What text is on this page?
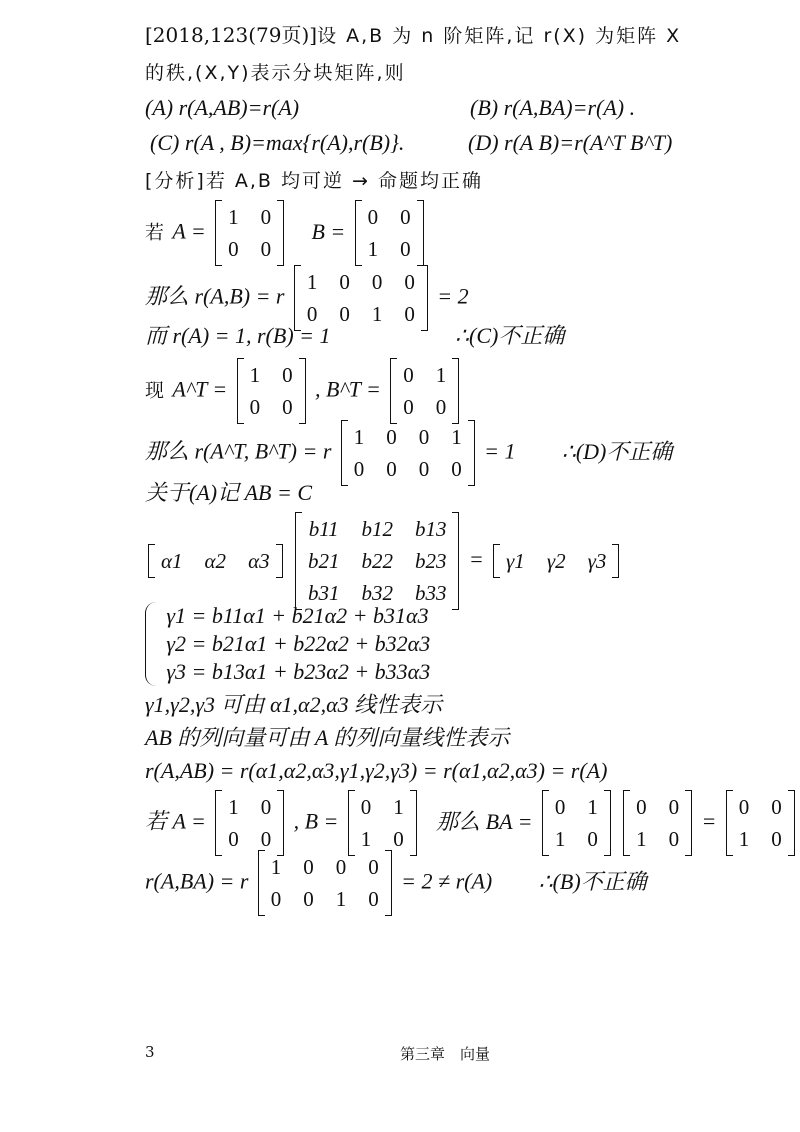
[2018,123(79页)]设 A,B 为 n 阶矩阵,记 r(X) 为矩阵 X
的秩,(X,Y)表示分块矩阵,则
(A) r(A,AB)=r(A)	(B) r(A,BA)=r(A) .
(C) r(A , B)=max{r(A),r(B)}.	(D) r(A B)=r(A^T B^T)
[分析]若 A,B 均可逆 → 命题均正确
若 A =
1 0
0 0
B =
0 0
1 0
那么 r(A,B) = r
1 0 0 0
0 0 1 0
= 2
而 r(A) = 1, r(B) = 1	∴(C)不正确
现 A^T =
1 0
0 0
, B^T =
0 1
0 0
那么 r(A^T, B^T) = r
1 0 0 1
0 0 0 0
= 1 ∴(D)不正确
关于(A)记 AB = C
α1 α2 α3

b11 b12 b13
b21 b22 b23
b31 b32 b33
= γ1 γ2 γ3

γ1 = b11α1 + b21α2 + b31α3
γ2 = b21α1 + b22α2 + b32α3
γ3 = b13α1 + b23α2 + b33α3
γ1,γ2,γ3 可由 α1,α2,α3 线性表示
AB 的列向量可由 A 的列向量线性表示
r(A,AB) = r(α1,α2,α3,γ1,γ2,γ3) = r(α1,α2,α3) = r(A)
若 A =
1 0
0 0
, B =
0 1
1 0
那么 BA =
0 1
1 0

0 0
1 0
=
0 0
1 0
r(A,BA) = r
1 0 0 0
0 0 1 0
= 2 ≠ r(A) ∴(B)不正确
3	第三章　向量
